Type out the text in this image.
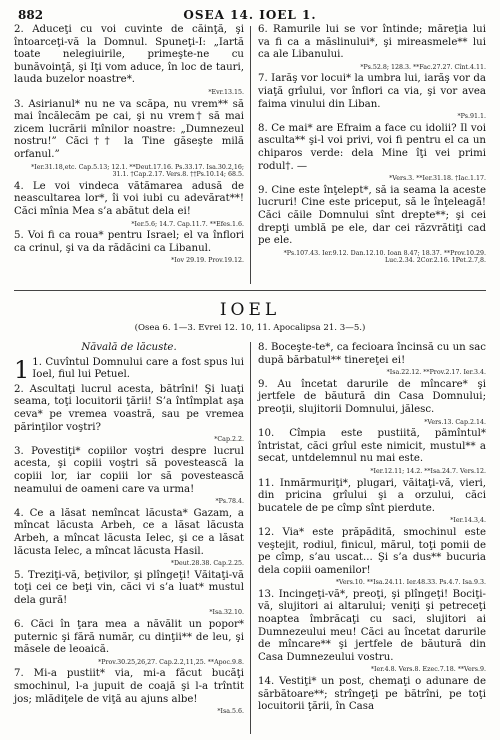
882	OSEA 14. IOEL 1.

2. Aduceţi cu voi cuvinte de căinţă, şi întoarceţi-vă la Domnul. Spuneţi-I: „Iartă toate nelegiuirile, primeşte-ne cu bunăvoinţă, şi Iţi vom aduce, în loc de tauri, lauda buzelor noastre*.

*Evr.13.15.

3. Asirianul* nu ne va scăpa, nu vrem** să mai încălecăm pe cai, şi nu vrem† să mai zicem lucrării mînilor noastre: „Dumnezeul nostru!” Căci†† la Tine găseşte milă orfanul.”

*Ier.31.18,etc. Cap.5.13; 12.1. **Deut.17.16. Ps.33.17. Isa.30.2,16; 31.1. †Cap.2.17. Vers.8. ††Ps.10.14; 68.5.

4. Le voi vindeca vătămarea adusă de neascultarea lor*, îi voi iubi cu adevărat**! Căci mînia Mea s’a abătut dela ei!

*Ier.5.6; 14.7. Cap.11.7. **Efes.1.6.

5. Voi fi ca roua* pentru Israel; el va înflori ca crinul, şi va da rădăcini ca Libanul.

*Iov 29.19. Prov.19.12.

6. Ramurile lui se vor întinde; măreţia lui va fi ca a măslinului*, şi mireasmele** lui ca ale Libanului.

*Ps.52.8; 128.3. **Fac.27.27. Cînt.4.11.

7. Iarăş vor locui* la umbra lui, iarăş vor da viaţă grîului, vor înflori ca via, şi vor avea faima vinului din Liban.

*Ps.91.1.

8. Ce mai* are Efraim a face cu idolii? Il voi asculta** şi-l voi privi, voi fi pentru el ca un chiparos verde: dela Mine îţi vei primi rodul†. —

*Vers.3. **Ier.31.18. †Iac.1.17.

9. Cine este înţelept*, să ia seama la aceste lucruri! Cine este priceput, să le înţeleagă! Căci căile Domnului sînt drepte**; şi cei drepţi umblă pe ele, dar cei răzvrătiţi cad pe ele.

*Ps.107.43. Ier.9.12. Dan.12.10. Ioan 8.47; 18.37. **Prov.10.29. Luc.2.34. 2Cor.2.16. 1Pet.2.7,8.

IOEL
(Osea 6. 1—3. Evrei 12. 10, 11. Apocalipsa 21. 3—5.)

Năvală de lăcuste.

1 1. Cuvîntul Domnului care a fost spus lui Ioel, fiul lui Petuel.

2. Ascultaţi lucrul acesta, bătrîni! Şi luaţi seama, toţi locuitorii ţării! S’a întîmplat aşa ceva* pe vremea voastră, sau pe vremea părinţilor voştri?

*Cap.2.2.

3. Povestiţi* copiilor voştri despre lucrul acesta, şi copiii voştri să povestească la copiii lor, iar copiii lor să povestească neamului de oameni care va urma!

*Ps.78.4.

4. Ce a lăsat nemîncat lăcusta* Gazam, a mîncat lăcusta Arbeh, ce a lăsat lăcusta Arbeh, a mîncat lăcusta Ielec, şi ce a lăsat lăcusta Ielec, a mîncat lăcusta Hasil.

*Deut.28.38. Cap.2.25.

5. Treziţi-vă, beţivilor, şi plîngeţi! Văitaţi-vă toţi cei ce beţi vin, căci vi s’a luat* mustul dela gură!

*Isa.32.10.

6. Căci în ţara mea a năvălit un popor* puternic şi fără număr, cu dinţii** de leu, şi măsele de leoaică.

*Prov.30.25,26,27. Cap.2.2,11,25. **Apoc.9.8.

7. Mi-a pustiit* via, mi-a făcut bucăţi smochinul, l-a jupuit de coajă şi l-a trîntit jos; mlădiţele de viţă au ajuns albe!

*Isa.5.6.

8. Boceşte-te*, ca fecioara încinsă cu un sac după bărbatul** tinereţei ei!

*Isa.22.12. **Prov.2.17. Ier.3.4.

9. Au încetat darurile de mîncare* şi jertfele de băutură din Casa Domnului; preoţii, slujitorii Domnului, jălesc.

*Vers.13. Cap.2.14.

10. Cîmpia este pustiită, pămîntul* întristat, căci grîul este nimicit, mustul** a secat, untdelemnul nu mai este.

*Ier.12.11; 14.2. **Isa.24.7. Vers.12.

11. Inmărmuriţi*, plugari, văitaţi-vă, vieri, din pricina grîului şi a orzului, căci bucatele de pe cîmp sînt pierdute.

*Ier.14.3,4.

12. Via* este prăpădită, smochinul este veştejit, rodiul, finicul, mărul, toţi pomii de pe cîmp, s’au uscat... Şi s’a dus** bucuria dela copiii oamenilor!

*Vers.10. **Isa.24.11. Ier.48.33. Ps.4.7. Isa.9.3.

13. Incingeţi-vă*, preoţi, şi plîngeţi! Bociţi-vă, slujitori ai altarului; veniţi şi petreceţi noaptea îmbrăcaţi cu saci, slujitori ai Dumnezeului meu! Căci au încetat darurile de mîncare** şi jertfele de băutură din Casa Dumnezeului vostru.

*Ier.4.8. Vers.8. Ezec.7.18. **Vers.9.

14. Vestiţi* un post, chemaţi o adunare de sărbătoare**; strîngeţi pe bătrîni, pe toţi locuitorii ţării, în Casa
